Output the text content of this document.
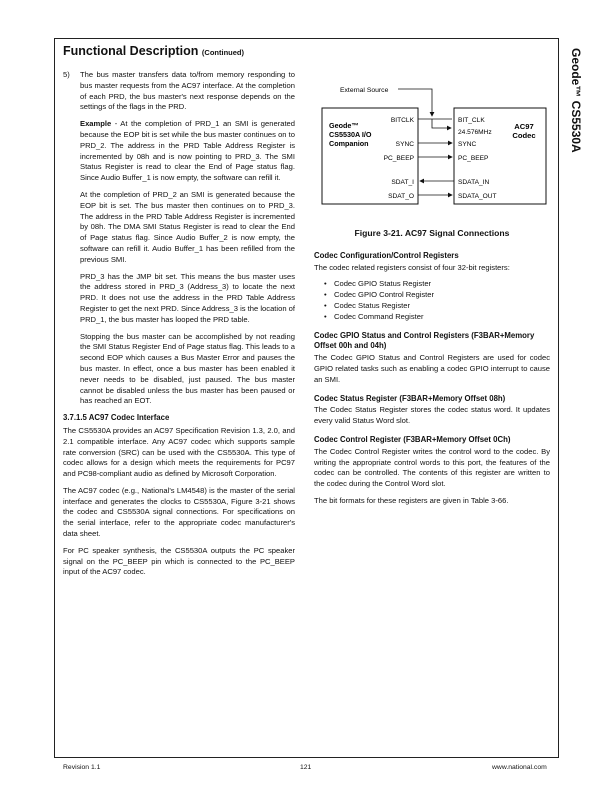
Functional Description (Continued)	Geode™ CS5530A

5) The bus master transfers data to/from memory responding to bus master requests from the AC97 interface. At the completion of each PRD, the bus master's next response depends on the settings of the flags in the PRD.

Example - At the completion of PRD_1 an SMI is generated because the EOP bit is set while the bus master continues on to PRD_2. The address in the PRD Table Address Register is incremented by 08h and is now pointing to PRD_3. The SMI Status Register is read to clear the End of Page status flag. Since Audio Buffer_1 is now empty, the software can refill it.

At the completion of PRD_2 an SMI is generated because the EOP bit is set. The bus master then continues on to PRD_3. The address in the PRD Table Address Register is incremented by 08h. The DMA SMI Status Register is read to clear the End of Page status flag. Since Audio Buffer_2 is now empty, the software can refill it. Audio Buffer_1 has been refilled from the previous SMI.

PRD_3 has the JMP bit set. This means the bus master uses the address stored in PRD_3 (Address_3) to locate the next PRD. It does not use the address in the PRD Table Address Register to get the next PRD. Since Address_3 is the location of PRD_1, the bus master has looped the PRD table.

Stopping the bus master can be accomplished by not reading the SMI Status Register End of Page status flag. This leads to a second EOP which causes a Bus Master Error and pauses the bus master. In effect, once a bus master has been enabled it never needs to be disabled, just paused. The bus master cannot be disabled unless the bus master has been paused or has reached an EOT.

3.7.1.5 AC97 Codec Interface

The CS5530A provides an AC97 Specification Revision 1.3, 2.0, and 2.1 compatible interface. Any AC97 codec which supports sample rate conversion (SRC) can be used with the CS5530A. This type of codec allows for a design which meets the requirements for PC97 and PC98-compliant audio as defined by Microsoft Corporation.

The AC97 codec (e.g., National's LM4548) is the master of the serial interface and generates the clocks to CS5530A, Figure 3-21 shows the codec and CS5530A signal connections. For specifications on the serial interface, refer to the appropriate codec manufacturer's data sheet.

For PC speaker synthesis, the CS5530A outputs the PC speaker signal on the PC_BEEP pin which is connected to the PC_BEEP input of the AC97 codec.

External Source
Geode™
CS5530A I/O
Companion
AC97
Codec
BITCLK
SYNC
PC_BEEP
SDAT_I
SDAT_O
BIT_CLK
24.576MHz
SYNC
PC_BEEP
SDATA_IN
SDATA_OUT
Figure 3-21. AC97 Signal Connections
Codec Configuration/Control Registers

The codec related registers consist of four 32-bit registers:

• Codec GPIO Status Register
• Codec GPIO Control Register
• Codec Status Register
• Codec Command Register
Codec GPIO Status and Control Registers (F3BAR+Memory Offset 00h and 04h)

The Codec GPIO Status and Control Registers are used for codec GPIO related tasks such as enabling a codec GPIO interrupt to cause an SMI.

Codec Status Register (F3BAR+Memory Offset 08h)

The Codec Status Register stores the codec status word. It updates every valid Status Word slot.

Codec Control Register (F3BAR+Memory Offset 0Ch)

The Codec Control Register writes the control word to the codec. By writing the appropriate control words to this port, the features of the codec can be controlled. The contents of this register are written to the codec during the Control Word slot.

The bit formats for these registers are given in Table 3-66.

Revision 1.1	121	www.national.com
